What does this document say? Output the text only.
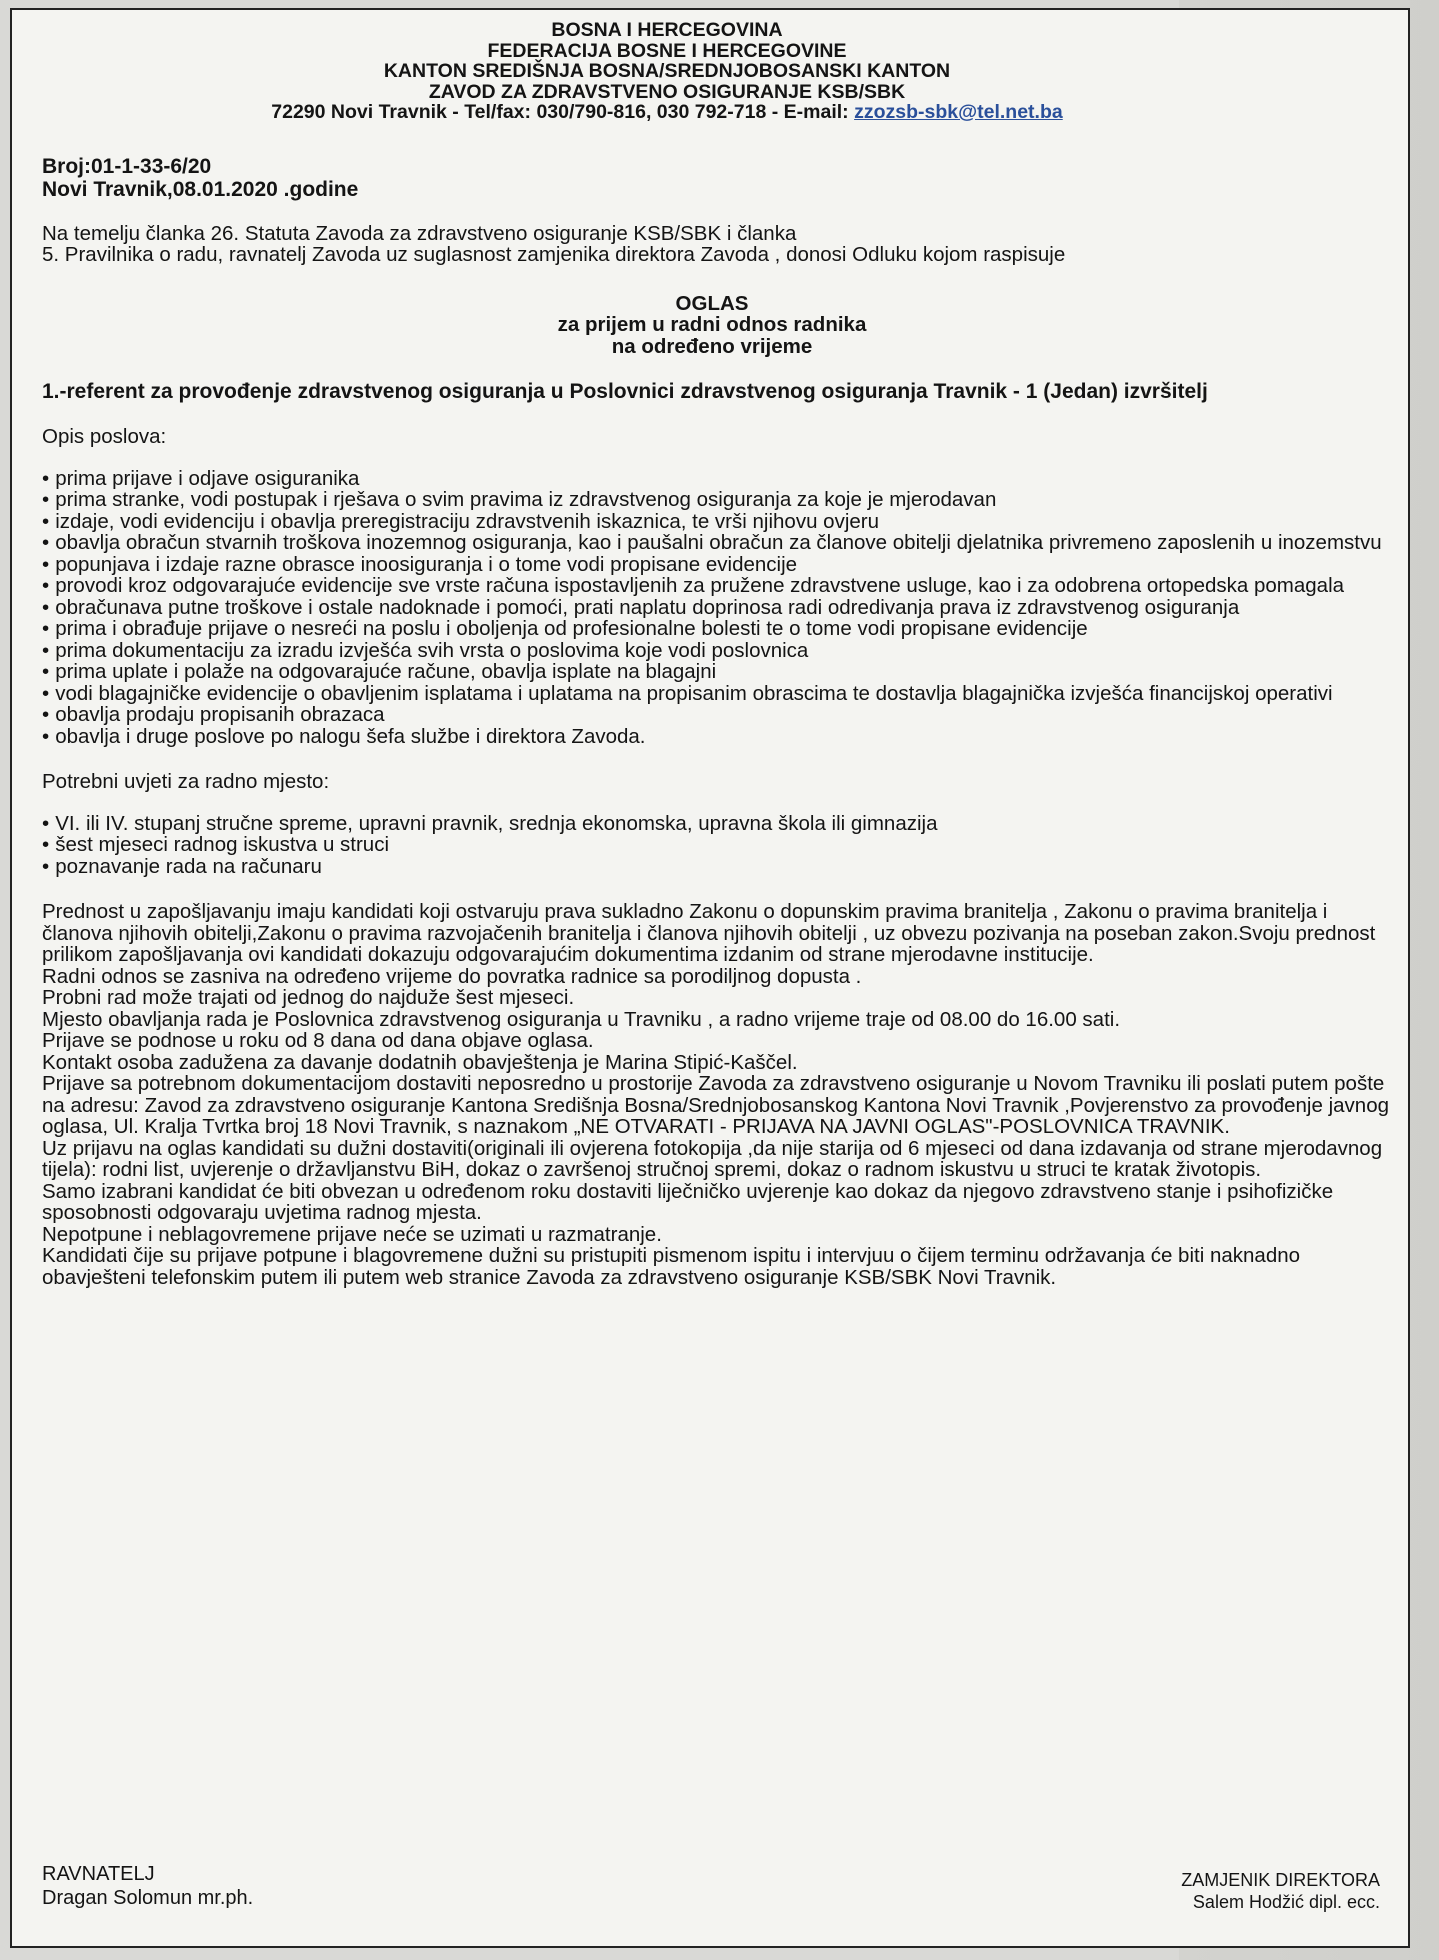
BOSNA I HERCEGOVINA
FEDERACIJA BOSNE I HERCEGOVINE
KANTON SREDIŠNJA BOSNA/SREDNJOBOSANSKI KANTON
ZAVOD ZA ZDRAVSTVENO OSIGURANJE KSB/SBK
72290 Novi Travnik - Tel/fax: 030/790-816, 030 792-718 - E-mail: zzozsb-sbk@tel.net.ba
Broj:01-1-33-6/20
Novi Travnik,08.01.2020 .godine
Na temelju članka 26. Statuta Zavoda za zdravstveno osiguranje KSB/SBK i članka
5. Pravilnika o radu, ravnatelj Zavoda uz suglasnost zamjenika direktora Zavoda , donosi Odluku kojom raspisuje
OGLAS
za prijem u radni odnos radnika
na određeno vrijeme
1.-referent za provođenje zdravstvenog osiguranja u Poslovnici zdravstvenog osiguranja Travnik - 1 (Jedan) izvršitelj
Opis poslova:
• prima prijave i odjave osiguranika
• prima stranke, vodi postupak i rješava o svim pravima iz zdravstvenog osiguranja za koje je mjerodavan
• izdaje, vodi evidenciju i obavlja preregistraciju zdravstvenih iskaznica, te vrši njihovu ovjeru
• obavlja obračun stvarnih troškova inozemnog osiguranja, kao i paušalni obračun za članove obitelji djelatnika privremeno zaposlenih u inozemstvu
• popunjava i izdaje razne obrasce inoosiguranja i o tome vodi propisane evidencije
• provodi kroz odgovarajuće evidencije sve vrste računa ispostavljenih za pružene zdravstvene usluge, kao i za odobrena ortopedska pomagala
• obračunava putne troškove i ostale nadoknade i pomoći, prati naplatu doprinosa radi odredivanja prava iz zdravstvenog osiguranja
• prima i obrađuje prijave o nesreći na poslu i oboljenja od profesionalne bolesti te o tome vodi propisane evidencije
• prima dokumentaciju za izradu izvješća svih vrsta o poslovima koje vodi poslovnica
• prima uplate i polaže na odgovarajuće račune, obavlja isplate na blagajni
• vodi blagajničke evidencije o obavljenim isplatama i uplatama na propisanim obrascima te dostavlja blagajnička izvješća financijskoj operativi
• obavlja prodaju propisanih obrazaca
• obavlja i druge poslove po nalogu šefa službe i direktora Zavoda.
Potrebni uvjeti za radno mjesto:
• VI. ili IV. stupanj stručne spreme, upravni pravnik, srednja ekonomska, upravna škola ili gimnazija
• šest mjeseci radnog iskustva u struci
• poznavanje rada na računaru

Prednost u zapošljavanju imaju kandidati koji ostvaruju prava sukladno Zakonu o dopunskim pravima branitelja , Zakonu o pravima branitelja i članova njihovih obitelji,Zakonu o pravima razvojačenih branitelja i članova njihovih obitelji , uz obvezu pozivanja na poseban zakon.Svoju prednost prilikom zapošljavanja ovi kandidati dokazuju odgovarajućim dokumentima izdanim od strane mjerodavne institucije.

Radni odnos se zasniva na određeno vrijeme do povratka radnice sa porodiljnog dopusta .

Probni rad može trajati od jednog do najduže šest mjeseci.

Mjesto obavljanja rada je Poslovnica zdravstvenog osiguranja u Travniku , a radno vrijeme traje od 08.00 do 16.00 sati.

Prijave se podnose u roku od 8 dana od dana objave oglasa.

Kontakt osoba zadužena za davanje dodatnih obavještenja je Marina Stipić-Kaščel.

Prijave sa potrebnom dokumentacijom dostaviti neposredno u prostorije Zavoda za zdravstveno osiguranje u Novom Travniku ili poslati putem pošte na adresu: Zavod za zdravstveno osiguranje Kantona Središnja Bosna/Srednjobosanskog Kantona Novi Travnik ,Povjerenstvo za provođenje javnog oglasa, Ul. Kralja Tvrtka broj 18 Novi Travnik, s naznakom „NE OTVARATI - PRIJAVA NA JAVNI OGLAS"-POSLOVNICA TRAVNIK.

Uz prijavu na oglas kandidati su dužni dostaviti(originali ili ovjerena fotokopija ,da nije starija od 6 mjeseci od dana izdavanja od strane mjerodavnog tijela): rodni list, uvjerenje o državljanstvu BiH, dokaz o završenoj stručnoj spremi, dokaz o radnom iskustvu u struci te kratak životopis.

Samo izabrani kandidat će biti obvezan u određenom roku dostaviti liječničko uvjerenje kao dokaz da njegovo zdravstveno stanje i psihofizičke sposobnosti odgovaraju uvjetima radnog mjesta.

Nepotpune i neblagovremene prijave neće se uzimati u razmatranje.

Kandidati čije su prijave potpune i blagovremene dužni su pristupiti pismenom ispitu i intervjuu o čijem terminu održavanja će biti naknadno obavješteni telefonskim putem ili putem web stranice Zavoda za zdravstveno osiguranje KSB/SBK Novi Travnik.

RAVNATELJ
Dragan Solomun mr.ph.
ZAMJENIK DIREKTORA
Salem Hodžić dipl. ecc.
